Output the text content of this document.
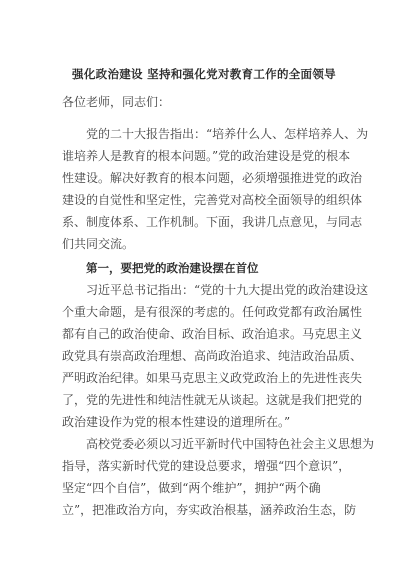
强化政治建设 坚持和强化党对教育工作的全面领导
各位老师，同志们：
党的二十大报告指出：“培养什么人、怎样培养人、为
谁培养人是教育的根本问题。”党的政治建设是党的根本
性建设。解决好教育的根本问题，必须增强推进党的政治
建设的自觉性和坚定性，完善党对高校全面领导的组织体
系、制度体系、工作机制。下面，我讲几点意见，与同志
们共同交流。
第一，要把党的政治建设摆在首位
习近平总书记指出：“党的十九大提出党的政治建设这
个重大命题，是有很深的考虑的。任何政党都有政治属性
都有自己的政治使命、政治目标、政治追求。马克思主义
政党具有崇高政治理想、高尚政治追求、纯洁政治品质、
严明政治纪律。如果马克思主义政党政治上的先进性丧失
了，党的先进性和纯洁性就无从谈起。这就是我们把党的
政治建设作为党的根本性建设的道理所在。”
高校党委必须以习近平新时代中国特色社会主义思想为
指导，落实新时代党的建设总要求，增强“四个意识”，
坚定“四个自信”，做到“两个维护”，拥护“两个确
立”，把准政治方向，夯实政治根基，涵养政治生态，防
